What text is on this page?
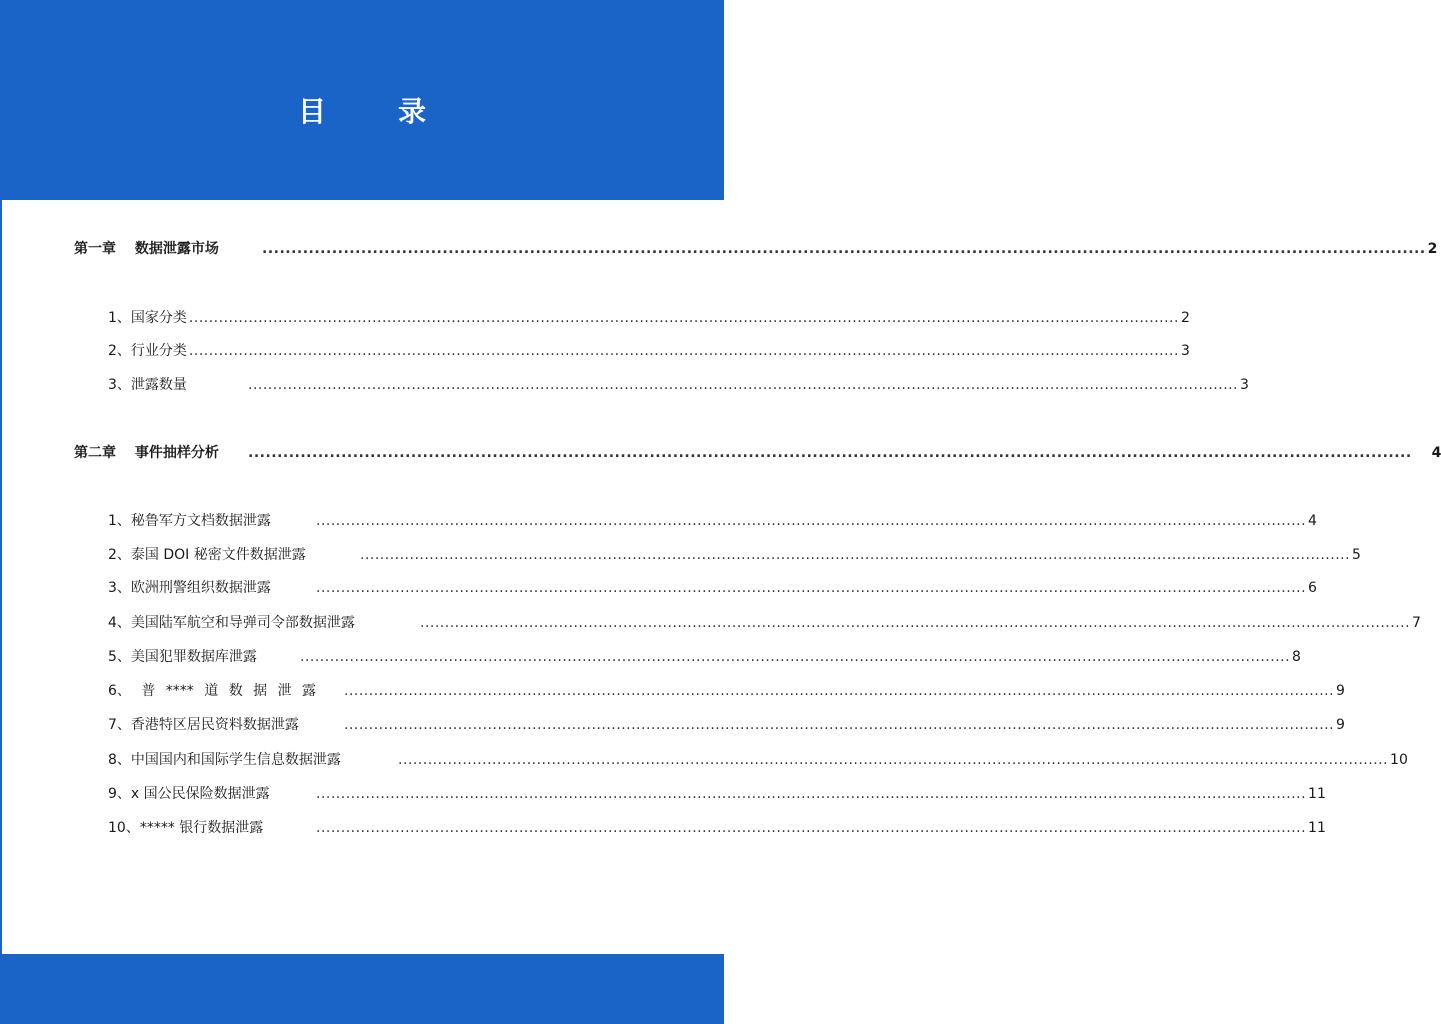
目　录
第一章　 数据泄露市场	........................................................................................................................................................................................................ 2
1、国家分类 ........................................................................................................................................................................................................ 2
2、行业分类 ........................................................................................................................................................................................................ 3
3、泄露数量	........................................................................................................................................................................................................ 3
第二章　 事件抽样分析	........................................................................................................................................................................................................ 4
1、秘鲁军方文档数据泄露	........................................................................................................................................................................................................ 4
2、泰国 DOI 秘密文件数据泄露	........................................................................................................................................................................................................ 5
3、欧洲刑警组织数据泄露	........................................................................................................................................................................................................ 6
4、美国陆军航空和导弹司令部数据泄露	........................................................................................................................................................................................................ 7
5、美国犯罪数据库泄露	........................................................................................................................................................................................................ 8
6、 普 **** 道 数 据 泄 露	........................................................................................................................................................................................................ 9
7、香港特区居民资料数据泄露	........................................................................................................................................................................................................ 9
8、中国国内和国际学生信息数据泄露	........................................................................................................................................................................................................ 10
9、x 国公民保险数据泄露	........................................................................................................................................................................................................ 11
10、***** 银行数据泄露	........................................................................................................................................................................................................ 11
